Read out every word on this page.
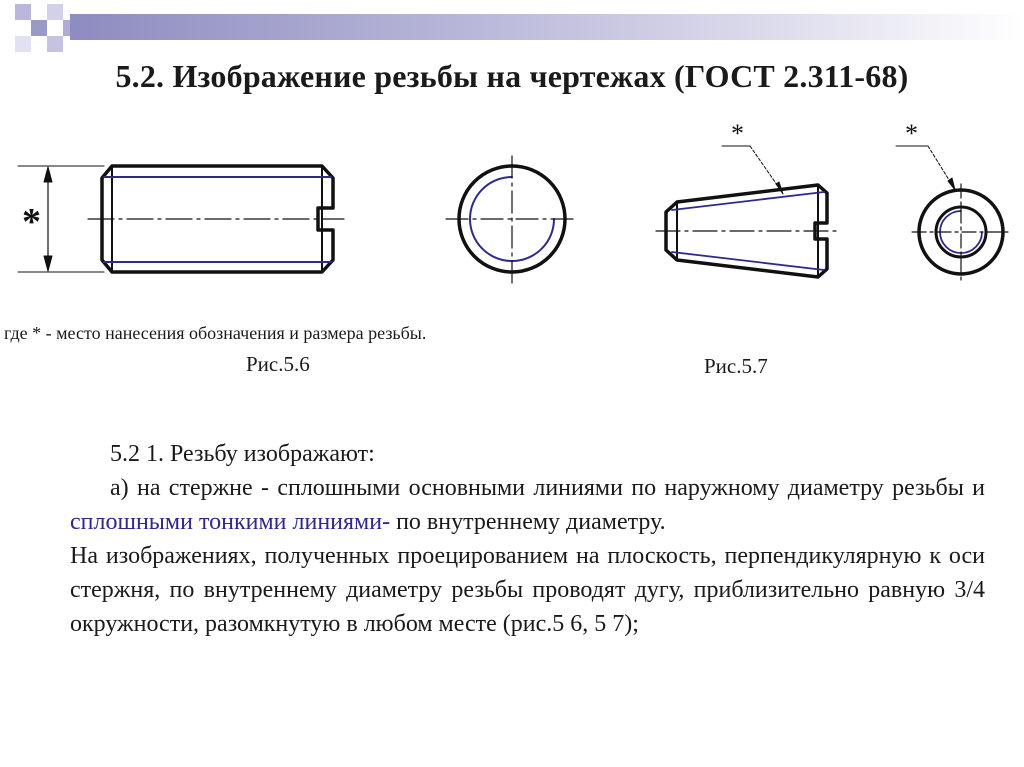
5.2. Изображение резьбы на чертежах (ГОСТ 2.311-68)
*
*	*
где * - место нанесения обозначения и размера резьбы.
Рис.5.6	Рис.5.7

5.2 1. Резьбу изображают:

а) на стержне - сплошными основными линиями по наружному диаметру резьбы и сплошными тонкими линиями- по внутреннему диаметру.

На изображениях, полученных проецированием на плоскость, перпендикулярную к оси стержня, по внутреннему диаметру резьбы проводят дугу, приблизительно равную 3/4 окружности, разомкнутую в любом месте (рис.5 6, 5 7);
